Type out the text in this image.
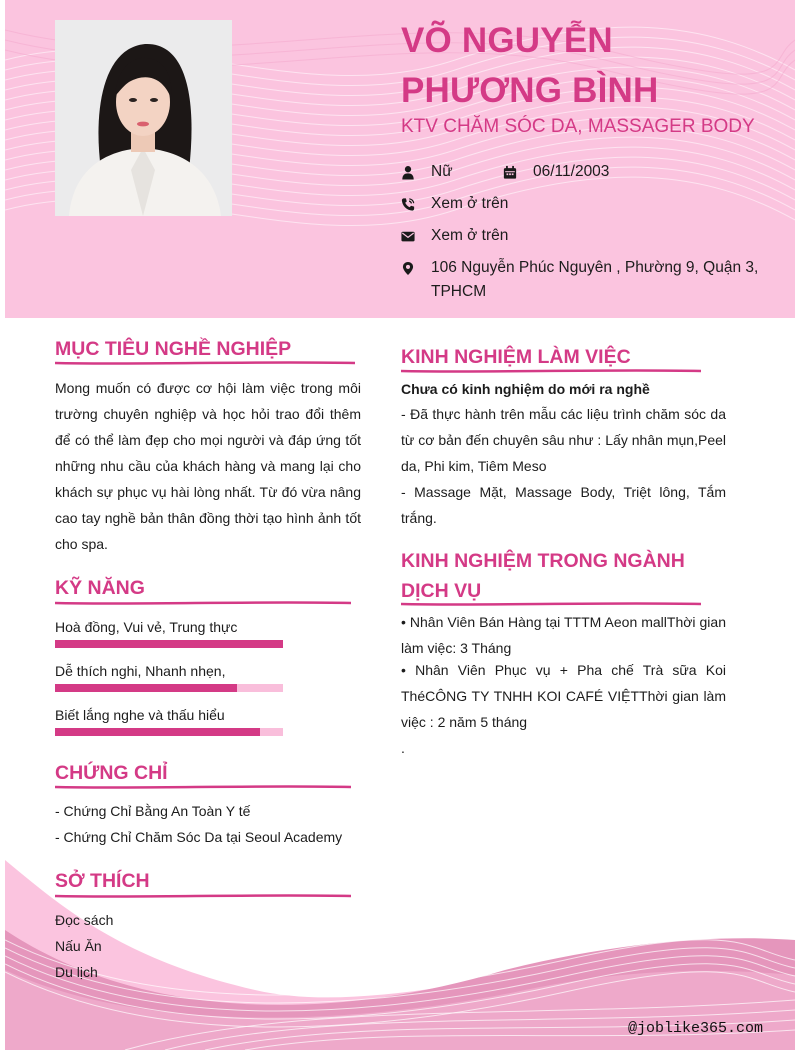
VÕ NGUYỄN PHƯƠNG BÌNH
KTV CHĂM SÓC DA, MASSAGER BODY
Nữ	06/11/2003
Xem ở trên
Xem ở trên
106 Nguyễn Phúc Nguyên , Phường 9, Quận 3, TPHCM
MỤC TIÊU NGHỀ NGHIỆP

Mong muốn có được cơ hội làm việc trong môi trường chuyên nghiệp và học hỏi trao đổi thêm để có thể làm đẹp cho mọi người và đáp ứng tốt những nhu cầu của khách hàng và mang lại cho khách sự phục vụ hài lòng nhất. Từ đó vừa nâng cao tay nghề bản thân đồng thời tạo hình ảnh tốt cho spa.

KỸ NĂNG
Hoà đồng, Vui vẻ, Trung thực
Dễ thích nghi, Nhanh nhẹn,
Biết lắng nghe và thấu hiểu
CHỨNG CHỈ
- Chứng Chỉ Bằng An Toàn Y tế
- Chứng Chỉ Chăm Sóc Da tại Seoul Academy
SỞ THÍCH
Đọc sách
Nấu Ăn
Du lịch
KINH NGHIỆM LÀM VIỆC
Chưa có kinh nghiệm do mới ra nghề

- Đã thực hành trên mẫu các liệu trình chăm sóc da từ cơ bản đến chuyên sâu như : Lấy nhân mụn,Peel da, Phi kim, Tiêm Meso

- Massage Mặt, Massage Body, Triệt lông, Tắm trắng.

KINH NGHIỆM TRONG NGÀNH DỊCH VỤ

• Nhân Viên Bán Hàng tại TTTM Aeon mallThời gian làm việc: 3 Tháng

• Nhân Viên Phục vụ + Pha chế Trà sữa Koi ThéCÔNG TY TNHH KOI CAFÉ VIỆTThời gian làm việc : 2 năm 5 tháng

.
@joblike365.com
